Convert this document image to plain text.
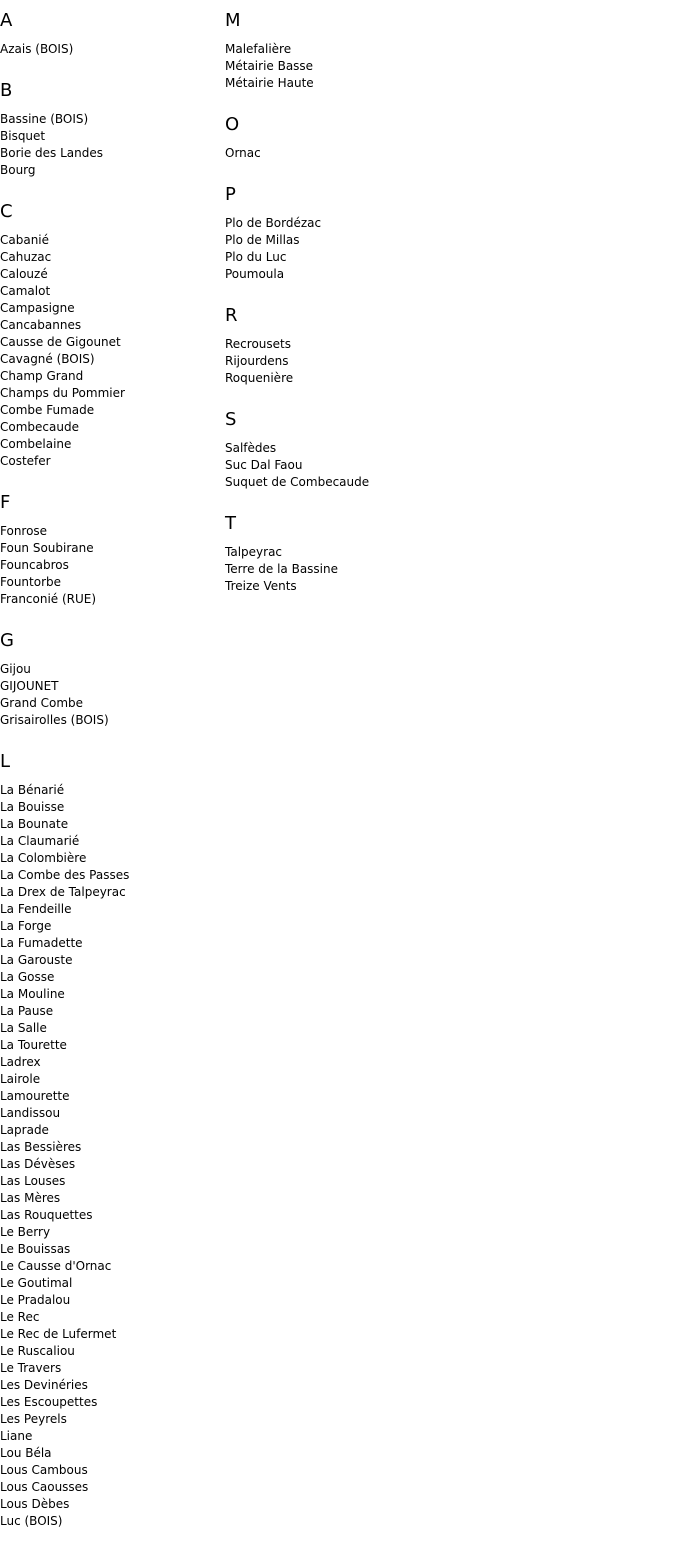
A
Azais (BOIS)
B
Bassine (BOIS)
Bisquet
Borie des Landes
Bourg
C
Cabanié
Cahuzac
Calouzé
Camalot
Campasigne
Cancabannes
Causse de Gigounet
Cavagné (BOIS)
Champ Grand
Champs du Pommier
Combe Fumade
Combecaude
Combelaine
Costefer
F
Fonrose
Foun Soubirane
Founcabros
Fountorbe
Franconié (RUE)
G
Gijou
GIJOUNET
Grand Combe
Grisairolles (BOIS)
L
La Bénarié
La Bouisse
La Bounate
La Claumarié
La Colombière
La Combe des Passes
La Drex de Talpeyrac
La Fendeille
La Forge
La Fumadette
La Garouste
La Gosse
La Mouline
La Pause
La Salle
La Tourette
Ladrex
Lairole
Lamourette
Landissou
Laprade
Las Bessières
Las Dévèses
Las Louses
Las Mères
Las Rouquettes
Le Berry
Le Bouissas
Le Causse d'Ornac
Le Goutimal
Le Pradalou
Le Rec
Le Rec de Lufermet
Le Ruscaliou
Le Travers
Les Devinéries
Les Escoupettes
Les Peyrels
Liane
Lou Béla
Lous Cambous
Lous Caousses
Lous Dèbes
Luc (BOIS)
M
Malefalière
Métairie Basse
Métairie Haute
O
Ornac
P
Plo de Bordézac
Plo de Millas
Plo du Luc
Poumoula
R
Recrousets
Rijourdens
Roquenière
S
Salfèdes
Suc Dal Faou
Suquet de Combecaude
T
Talpeyrac
Terre de la Bassine
Treize Vents
